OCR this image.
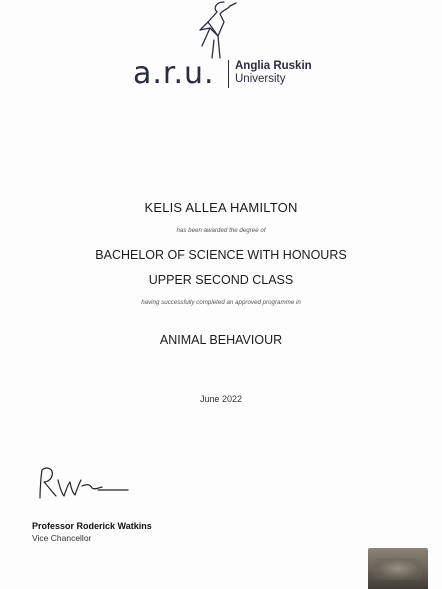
a.r.u. Anglia Ruskin
University
KELIS ALLEA HAMILTON
has been awarded the degree of
BACHELOR OF SCIENCE WITH HONOURS
UPPER SECOND CLASS
having successfully completed an approved programme in
ANIMAL BEHAVIOUR
June 2022
Professor Roderick Watkins
Vice Chancellor
